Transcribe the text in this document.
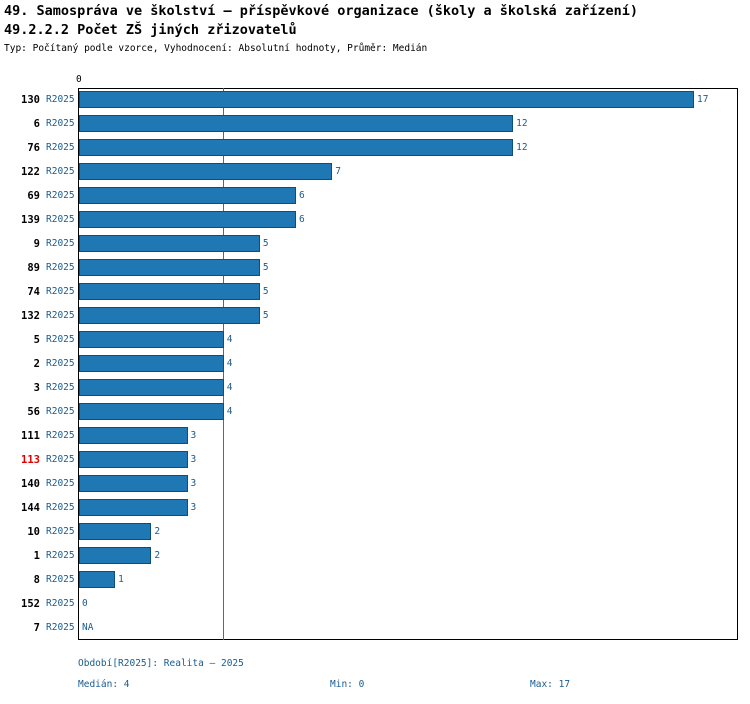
49. Samospráva ve školství – příspěvkové organizace (školy a školská zařízení)
49.2.2.2 Počet ZŠ jiných zřizovatelů
Typ: Počítaný podle vzorce, Vyhodnocení: Absolutní hodnoty, Průměr: Medián
0
130 R2025	17
6 R2025	12
76 R2025	12
122 R2025	7
69 R2025	6
139 R2025	6
9 R2025	5
89 R2025	5
74 R2025	5
132 R2025	5
5 R2025	4
2 R2025	4
3 R2025	4
56 R2025	4
111 R2025	3
113 R2025	3
140 R2025	3
144 R2025	3
10 R2025	2
1 R2025	2
8 R2025	1
152 R2025 0
7 R2025 NA
Období[R2025]: Realita – 2025
Medián: 4	Min: 0	Max: 17
